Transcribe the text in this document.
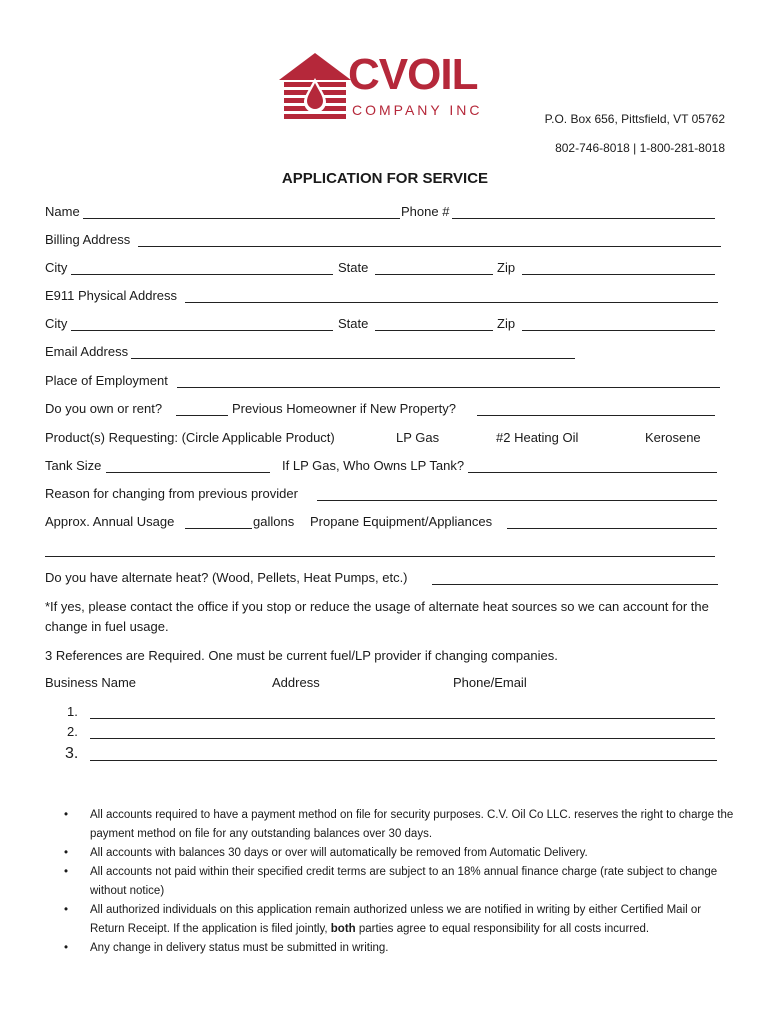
CVOIL
COMPANY INC
P.O. Box 656, Pittsfield, VT 05762
802-746-8018 | 1-800-281-8018
APPLICATION FOR SERVICE
Name	Phone #
Billing Address
City	State	Zip
E911 Physical Address
City	State	Zip
Email Address
Place of Employment
Do you own or rent?	Previous Homeowner if New Property?
Product(s) Requesting: (Circle Applicable Product)	LP Gas	#2 Heating Oil	Kerosene
Tank Size	If LP Gas, Who Owns LP Tank?
Reason for changing from previous provider
Approx. Annual Usage	gallons Propane Equipment/Appliances
Do you have alternate heat? (Wood, Pellets, Heat Pumps, etc.)
*If yes, please contact the office if you stop or reduce the usage of alternate heat sources so we can account for the change in fuel usage.
3 References are Required. One must be current fuel/LP provider if changing companies.
Business Name	Address	Phone/Email
1.
2.
3.
• All accounts required to have a payment method on file for security purposes. C.V. Oil Co LLC. reserves the right to charge the payment method on file for any outstanding balances over 30 days.
• All accounts with balances 30 days or over will automatically be removed from Automatic Delivery.
• All accounts not paid within their specified credit terms are subject to an 18% annual finance charge (rate subject to change without notice)
• All authorized individuals on this application remain authorized unless we are notified in writing by either Certified Mail or Return Receipt. If the application is filed jointly, both parties agree to equal responsibility for all costs incurred.
• Any change in delivery status must be submitted in writing.
